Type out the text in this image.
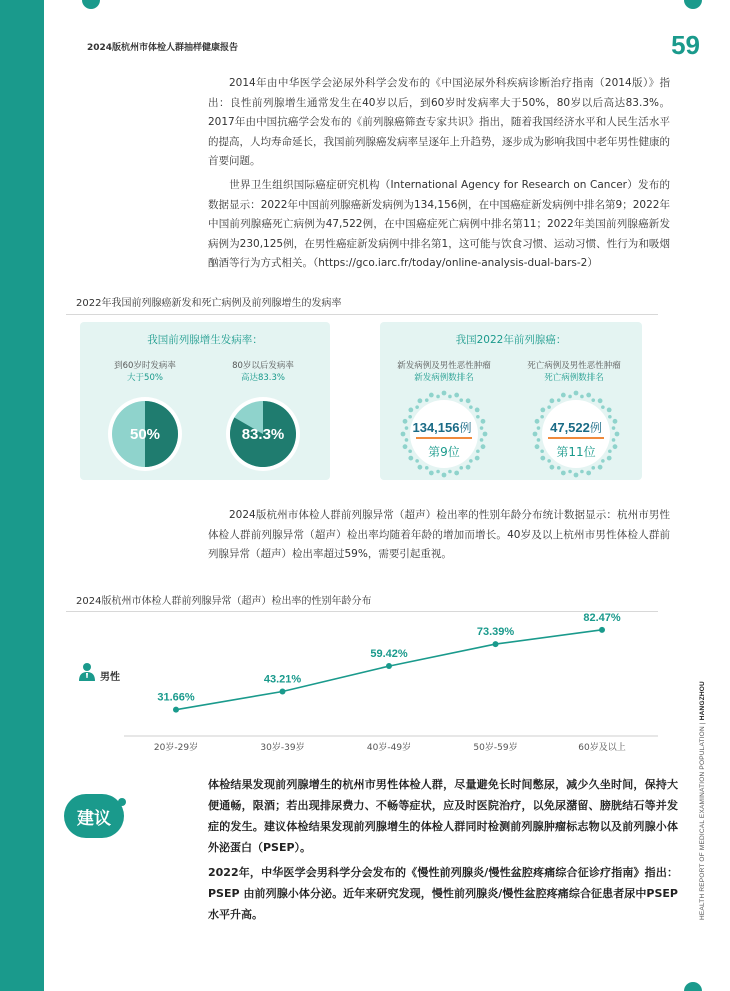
2024版杭州市体检人群抽样健康报告	59
HEALTH REPORT OF MEDICAL EXAMINATION POPULATION | HANGZHOU
2014年由中华医学会泌尿外科学会发布的《中国泌尿外科疾病诊断治疗指南（2014版）》指出：良性前列腺增生通常发生在40岁以后，到60岁时发病率大于50%，80岁以后高达83.3%。2017年由中国抗癌学会发布的《前列腺癌筛查专家共识》指出，随着我国经济水平和人民生活水平的提高，人均寿命延长，我国前列腺癌发病率呈逐年上升趋势，逐步成为影响我国中老年男性健康的首要问题。
世界卫生组织国际癌症研究机构（International Agency for Research on Cancer）发布的数据显示：2022年中国前列腺癌新发病例为134,156例，在中国癌症新发病例中排名第9；2022年中国前列腺癌死亡病例为47,522例，在中国癌症死亡病例中排名第11；2022年美国前列腺癌新发病例为230,125例，在男性癌症新发病例中排名第1，这可能与饮食习惯、运动习惯、性行为和吸烟酗酒等行为方式相关。（https://gco.iarc.fr/today/online-analysis-dual-bars-2）
2022年我国前列腺癌新发和死亡病例及前列腺增生的发病率
我国前列腺增生发病率：
到60岁时发病率
大于50%
80岁以后发病率
高达83.3%
50%	83.3%
我国2022年前列腺癌：
新发病例及男性恶性肿瘤
新发病例数排名
死亡病例及男性恶性肿瘤
死亡病例数排名
134,156例
第9位
47,522例
第11位
2024版杭州市体检人群前列腺异常（超声）检出率的性别年龄分布统计数据显示：杭州市男性体检人群前列腺异常（超声）检出率均随着年龄的增加而增长。40岁及以上杭州市男性体检人群前列腺异常（超声）检出率超过59%，需要引起重视。
2024版杭州市体检人群前列腺异常（超声）检出率的性别年龄分布
男性
31.66%
20岁-29岁
43.21%
30岁-39岁
59.42%
40岁-49岁
73.39%
50岁-59岁
82.47%
60岁及以上
建议
体检结果发现前列腺增生的杭州市男性体检人群，尽量避免长时间憋尿，减少久坐时间，保持大便通畅，限酒；若出现排尿费力、不畅等症状，应及时医院治疗，以免尿潴留、膀胱结石等并发症的发生。建议体检结果发现前列腺增生的体检人群同时检测前列腺肿瘤标志物以及前列腺小体外泌蛋白（PSEP）。
2022年，中华医学会男科学分会发布的《慢性前列腺炎/慢性盆腔疼痛综合征诊疗指南》指出：PSEP 由前列腺小体分泌。近年来研究发现，慢性前列腺炎/慢性盆腔疼痛综合征患者尿中PSEP 水平升高。
